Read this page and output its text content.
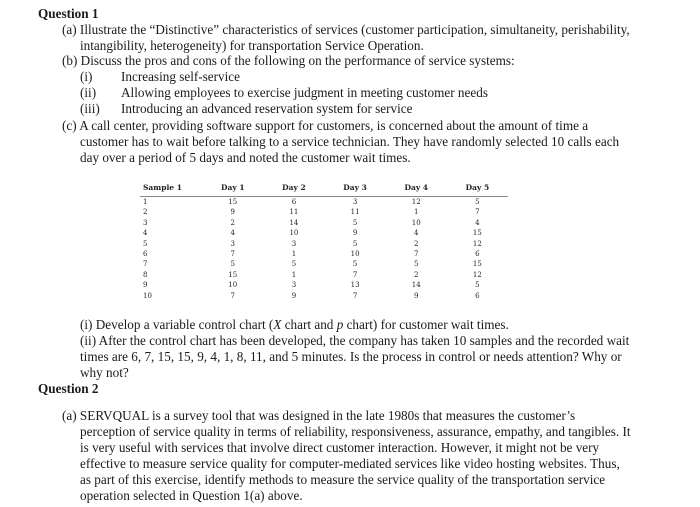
Question 1
(a) Illustrate the “Distinctive” characteristics of services (customer participation, simultaneity, perishability,
intangibility, heterogeneity) for transportation Service Operation.
(b) Discuss the pros and cons of the following on the performance of service systems:
(i) Increasing self-service
(ii) Allowing employees to exercise judgment in meeting customer needs
(iii) Introducing an advanced reservation system for service
(c) A call center, providing software support for customers, is concerned about the amount of time a
customer has to wait before talking to a service technician. They have randomly selected 10 calls each
day over a period of 5 days and noted the customer wait times.
Sample 1	Day 1	Day 2	Day 3	Day 4	Day 5
1	15	6	3	12	5
2	9	11	11	1	7
3	2	14	5	10	4
4	4	10	9	4	15
5	3	3	5	2	12
6	7	1	10	7	6
7	5	5	5	5	15
8	15	1	7	2	12
9	10	3	13	14	5
10	7	9	7	9	6
(i) Develop a variable control chart (X chart and p chart) for customer wait times.
(ii) After the control chart has been developed, the company has taken 10 samples and the recorded wait
times are 6, 7, 15, 15, 9, 4, 1, 8, 11, and 5 minutes. Is the process in control or needs attention? Why or
why not?
Question 2
(a) SERVQUAL is a survey tool that was designed in the late 1980s that measures the customer’s
perception of service quality in terms of reliability, responsiveness, assurance, empathy, and tangibles. It
is very useful with services that involve direct customer interaction. However, it might not be very
effective to measure service quality for computer-mediated services like video hosting websites. Thus,
as part of this exercise, identify methods to measure the service quality of the transportation service
operation selected in Question 1(a) above.
